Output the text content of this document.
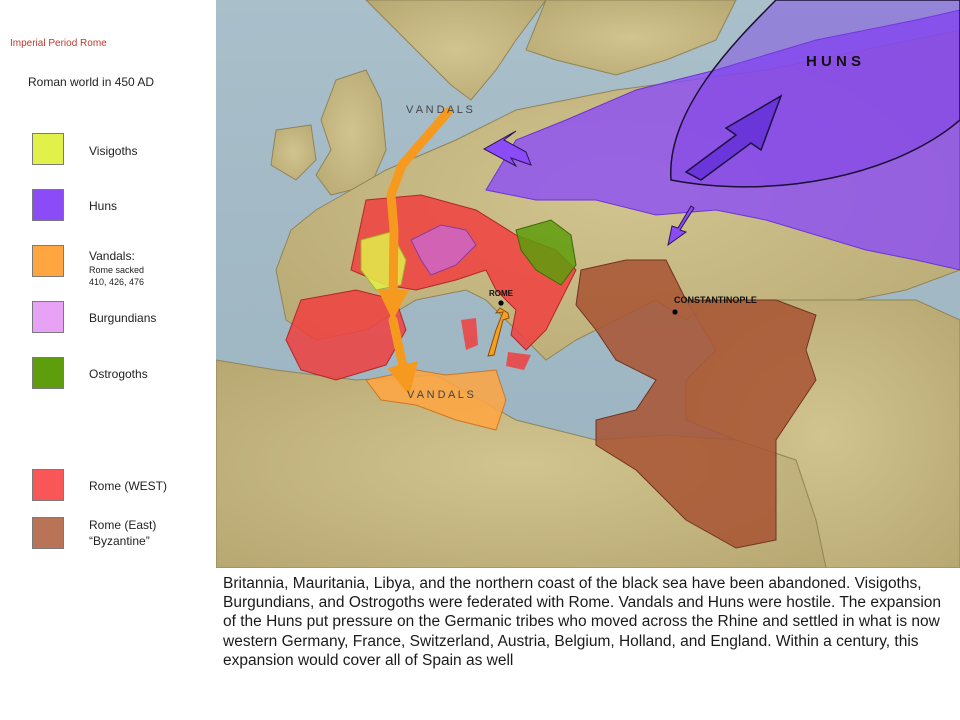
Imperial Period Rome
Roman world in 450 AD
Visigoths
Huns
Vandals:
Rome sacked
410, 426, 476
Burgundians
Ostrogoths
Rome (WEST)
Rome (East)
“Byzantine”
H U N S
V A N D A L S
V A N D A L S
ROME
CONSTANTINOPLE
Britannia, Mauritania, Libya, and the northern coast of the black sea have been abandoned. Visigoths, Burgundians, and Ostrogoths were federated with Rome. Vandals and Huns were hostile. The expansion of the Huns put pressure on the Germanic tribes who moved across the Rhine and settled in what is now western Germany, France, Switzerland, Austria, Belgium, Holland, and England. Within a century, this expansion would cover all of Spain as well
